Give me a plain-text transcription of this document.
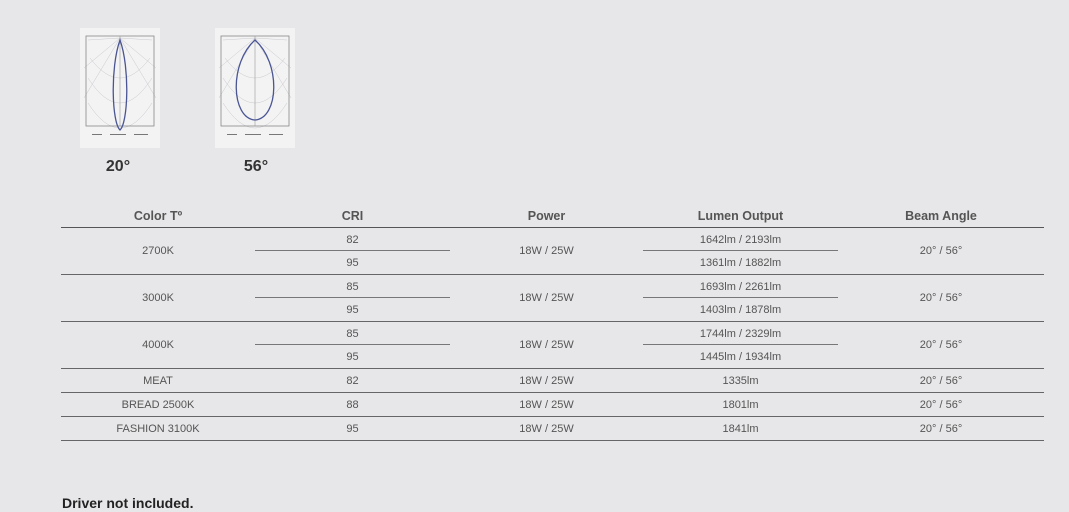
20°	56°
Color Tº	CRI	Power	Lumen Output	Beam Angle
2700K	82	18W / 25W	1642lm / 2193lm	20° / 56°
	95		1361lm / 1882lm	
3000K	85	18W / 25W	1693lm / 2261lm	20° / 56°
	95		1403lm / 1878lm	
4000K	85	18W / 25W	1744lm / 2329lm	20° / 56°
	95		1445lm / 1934lm	
MEAT	82	18W / 25W	1335lm	20° / 56°
BREAD 2500K	88	18W / 25W	1801lm	20° / 56°
FASHION 3100K	95	18W / 25W	1841lm	20° / 56°
Driver not included.
